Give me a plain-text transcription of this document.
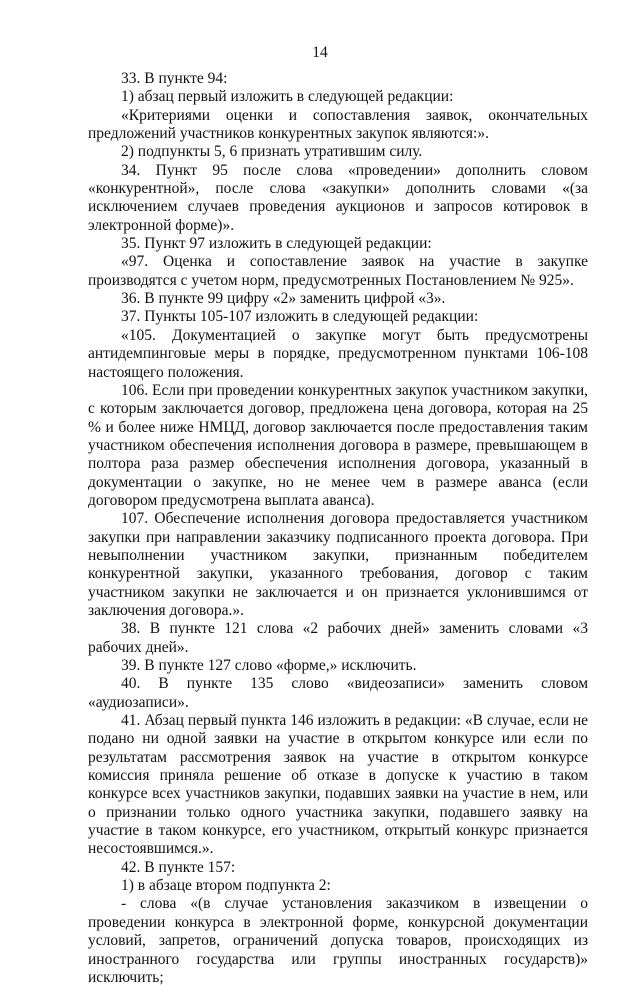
14

33. В пункте 94:

1) абзац первый изложить в следующей редакции:

«Критериями оценки и сопоставления заявок, окончательных предложений участников конкурентных закупок являются:».

2) подпункты 5, 6 признать утратившим силу.

34. Пункт 95 после слова «проведении» дополнить словом «конкурентной», после слова «закупки» дополнить словами «(за исключением случаев проведения аукционов и запросов котировок в электронной форме)».

35. Пункт 97 изложить в следующей редакции:

«97. Оценка и сопоставление заявок на участие в закупке производятся с учетом норм, предусмотренных Постановлением № 925».

36. В пункте 99 цифру «2» заменить цифрой «3».

37. Пункты 105-107 изложить в следующей редакции:

«105. Документацией о закупке могут быть предусмотрены антидемпинговые меры в порядке, предусмотренном пунктами 106-108 настоящего положения.

106. Если при проведении конкурентных закупок участником закупки, с которым заключается договор, предложена цена договора, которая на 25 % и более ниже НМЦД, договор заключается после предоставления таким участником обеспечения исполнения договора в размере, превышающем в полтора раза размер обеспечения исполнения договора, указанный в документации о закупке, но не менее чем в размере аванса (если договором предусмотрена выплата аванса).

107. Обеспечение исполнения договора предоставляется участником закупки при направлении заказчику подписанного проекта договора. При невыполнении участником закупки, признанным победителем конкурентной закупки, указанного требования, договор с таким участником закупки не заключается и он признается уклонившимся от заключения договора.».

38. В пункте 121 слова «2 рабочих дней» заменить словами «3 рабочих дней».

39. В пункте 127 слово «форме,» исключить.

40. В пункте 135 слово «видеозаписи» заменить словом «аудиозаписи».

41. Абзац первый пункта 146 изложить в редакции: «В случае, если не подано ни одной заявки на участие в открытом конкурсе или если по результатам рассмотрения заявок на участие в открытом конкурсе комиссия приняла решение об отказе в допуске к участию в таком конкурсе всех участников закупки, подавших заявки на участие в нем, или о признании только одного участника закупки, подавшего заявку на участие в таком конкурсе, его участником, открытый конкурс признается несостоявшимся.».

42. В пункте 157:

1) в абзаце втором подпункта 2:

- слова «(в случае установления заказчиком в извещении о проведении конкурса в электронной форме, конкурсной документации условий, запретов, ограничений допуска товаров, происходящих из иностранного государства или группы иностранных государств)» исключить;
